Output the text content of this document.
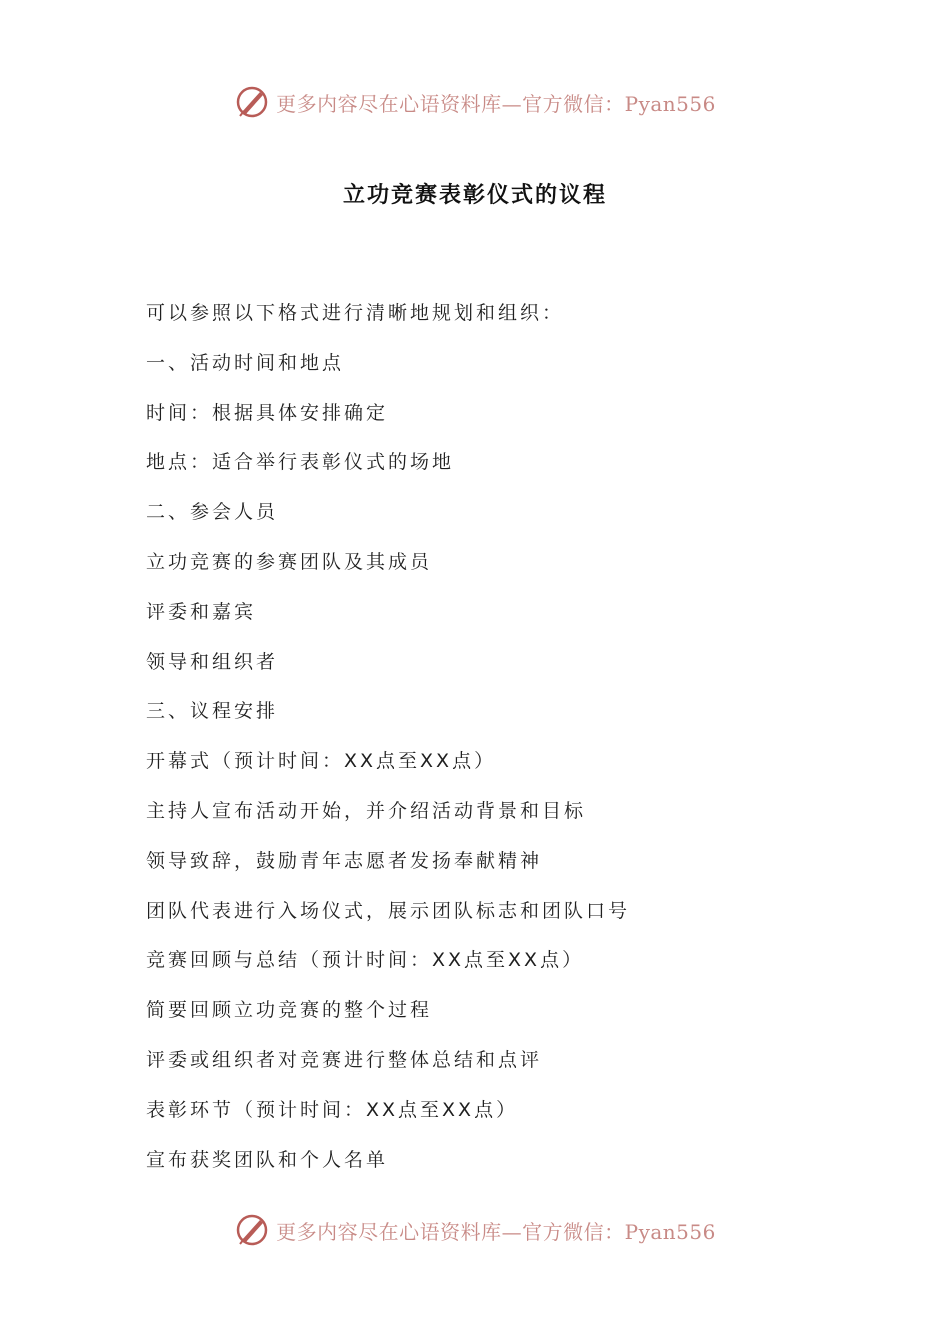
更多内容尽在心语资料库—官方微信：Pyan556
立功竞赛表彰仪式的议程
可以参照以下格式进行清晰地规划和组织：
一、活动时间和地点
时间：根据具体安排确定
地点：适合举行表彰仪式的场地
二、参会人员
立功竞赛的参赛团队及其成员
评委和嘉宾
领导和组织者
三、议程安排
开幕式（预计时间：XX点至XX点）
主持人宣布活动开始，并介绍活动背景和目标
领导致辞，鼓励青年志愿者发扬奉献精神
团队代表进行入场仪式，展示团队标志和团队口号
竞赛回顾与总结（预计时间：XX点至XX点）
简要回顾立功竞赛的整个过程
评委或组织者对竞赛进行整体总结和点评
表彰环节（预计时间：XX点至XX点）
宣布获奖团队和个人名单
更多内容尽在心语资料库—官方微信：Pyan556
